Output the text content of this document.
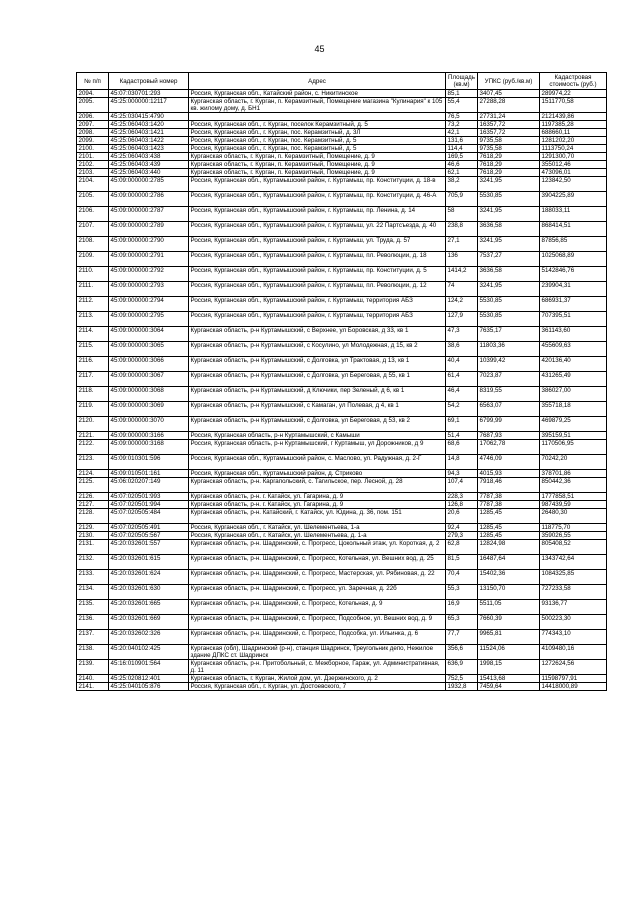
45
№ п/п	Кадастровый номер	Адрес	Площадь (кв.м)	УПКС (руб./кв.м)	Кадастровая стоимость (руб.)
2094.	45:07:030701:293	Россия, Курганская обл., Катайский район, с. Никитинское	85,1	3407,45	289974,22
2095.	45:25:000000:12117	Курганская область, г. Курган, п. Керамзитный, Помещение магазина "Кулинария" к 105 кв. жилому дому, д. БН1	55,4	27288,28	1511770,58
2096.	45:25:030415:4790		76,5	27731,24	2121439,86
2097.	45:25:060403:1420	Россия, Курганская обл., г. Курган, поселок Керамзитный, д. 5	73,2	16357,72	1197385,28
2098.	45:25:060403:1421	Россия, Курганская обл., г. Курган, пос. Керамзитный, д. 3Л	42,1	16357,72	688660,11
2099.	45:25:060403:1422	Россия, Курганская обл., г. Курган, пос. Керамзитный, д. 5	131,6	9735,58	1281202,20
2100.	45:25:060403:1423	Россия, Курганская обл., г. Курган, пос. Керамзитный, д. 5	114,4	9735,58	1113750,24
2101.	45:25:060403:438	Курганская область, г. Курган, п. Керамзитный, Помещение, д. 9	169,5	7618,29	1291300,70
2102.	45:25:060403:439	Курганская область, г. Курган, п. Керамзитный, Помещение, д. 9	46,6	7618,29	355012,46
2103.	45:25:060403:440	Курганская область, г. Курган, п. Керамзитный, Помещение, д. 9	62,1	7618,29	473096,01
2104.	45:09:000000:2785	Россия, Курганская обл., Куртамышский район, г. Куртамыш, пр. Конституции, д. 18-в	38,2	3241,95	123842,50
2105.	45:09:000000:2786	Россия, Курганская обл., Куртамышский район, г. Куртамыш, пр. Конституции, д. 46-А	705,9	5530,85	3904225,89
2106.	45:09:000000:2787	Россия, Курганская обл., Куртамышский район, г. Куртамыш, пр. Ленина, д. 14	58	3241,95	188033,11
2107.	45:09:000000:2789	Россия, Курганская обл., Куртамышский район, г. Куртамыш, ул. 22 Партсъезда, д. 40	238,8	3636,58	868414,51
2108.	45:09:000000:2790	Россия, Курганская обл., Куртамышский район, г. Куртамыш, ул. Труда, д. 57	27,1	3241,95	87856,85
2109.	45:09:000000:2791	Россия, Курганская обл., Куртамышский район, г. Куртамыш, пл. Революции, д. 18	136	7537,27	1025068,89
2110.	45:09:000000:2792	Россия, Курганская обл., Куртамышский район, г. Куртамыш, пр. Конституции, д. 5	1414,2	3636,58	5142846,76
2111.	45:09:000000:2793	Россия, Курганская обл., Куртамышский район, г. Куртамыш, пл. Революции, д. 12	74	3241,95	239904,31
2112.	45:09:000000:2794	Россия, Курганская обл., Куртамышский район, г. Куртамыш, территория АБЗ	124,2	5530,85	686931,37
2113.	45:09:000000:2795	Россия, Курганская обл., Куртамышский район, г. Куртамыш, территория АБЗ	127,9	5530,85	707395,51
2114.	45:09:000000:3064	Курганская область, р-н Куртамышский, с Верхнее, ул Боровская, д 33, кв 1	47,3	7635,17	361143,60
2115.	45:09:000000:3065	Курганская область, р-н Куртамышский, с Косулино, ул Молодежная, д 15, кв 2	38,6	11803,36	455609,63
2116.	45:09:000000:3066	Курганская область, р-н Куртамышский, с Долговка, ул Трактовая, д 13, кв 1	40,4	10399,42	420136,40
2117.	45:09:000000:3067	Курганская область, р-н Куртамышский, с Долговка, ул Береговая, д 55, кв 1	61,4	7023,87	431265,49
2118.	45:09:000000:3068	Курганская область, р-н Куртамышский, д Ключики, пер Зеленый, д 6, кв 1	46,4	8319,55	386027,00
2119.	45:09:000000:3069	Курганская область, р-н Куртамышский, с Камаган, ул Полевая, д 4, кв 1	54,2	6563,07	355718,18
2120.	45:09:000000:3070	Курганская область, р-н Куртамышский, с Долговка, ул Береговая, д 53, кв 2	69,1	6799,99	469879,25
2121.	45:09:000000:3166	Россия, Курганская область, р-н Куртамышский, с Камыши	51,4	7687,93	395159,51
2122.	45:09:000000:3168	Россия, Курганская область, р-н Куртамышский, г Куртамыш, ул Дорожников, д 9	68,6	17062,78	1170506,95
2123.	45:09:010301:596	Россия, Курганская обл., Куртамышский район, с. Маслово, ул. Радужная, д. 2-Г	14,8	4746,09	70242,20
2124.	45:09:010501:161	Россия, Курганская обл., Куртамышский район, д. Стриково	94,3	4015,93	378701,86
2125.	45:06:020207:149	Курганская область, р-н. Каргапольский, с. Тагильское, пер. Лесной, д. 28	107,4	7918,46	850442,36
2126.	45:07:020501:993	Курганская область, р-н. г. Катайск, ул. Гагарина, д. 9	228,3	7787,38	1777858,51
2127.	45:07:020501:994	Курганская область, р-н. г. Катайск, ул. Гагарина, д. 9	126,8	7787,38	987439,59
2128.	45:07:020505:484	Курганская область, р-н. Катайский, г. Катайск, ул. Юдина, д. 36, пом. 151	20,6	1285,45	26480,30
2129.	45:07:020505:491	Россия, Курганская обл., г. Катайск, ул. Шелементьева, 1-а	92,4	1285,45	118775,70
2130.	45:07:020505:567	Россия, Курганская обл., г. Катайск, ул. Шелементьева, д. 1-а	279,3	1285,45	359026,55
2131.	45:20:032601:557	Курганская область, р-н. Шадринский, с. Прогресс, Цокольный этаж, ул. Короткая, д. 2	62,8	12824,98	805408,52
2132.	45:20:032601:615	Курганская область, р-н. Шадринский, с. Прогресс, Котельная, ул. Вешних вод, д. 25	81,5	16487,64	1343742,64
2133.	45:20:032601:624	Курганская область, р-н. Шадринский, с. Прогресс, Мастерская, ул. Рябиновая, д. 22	70,4	15402,36	1084325,85
2134.	45:20:032601:630	Курганская область, р-н. Шадринский, с. Прогресс, ул. Заречная, д. 22б	55,3	13150,70	727233,58
2135.	45:20:032601:665	Курганская область, р-н. Шадринский, с. Прогресс, Котельная, д. 9	16,9	5511,05	93136,77
2136.	45:20:032601:669	Курганская область, р-н. Шадринский, с. Прогресс, Подсобное, ул. Вешних вод, д. 9	65,3	7660,39	500223,30
2137.	45:20:032602:326	Курганская область, р-н. Шадринский, с. Прогресс, Подсобка, ул. Ильинка, д. 6	77,7	9965,81	774343,10
2138.	45:20:040102:425	Курганская (обл), Шадринский (р-н), станция Шадринск, Треугольник депо, Нежилое здание ДПКС ст. Шадринск	356,6	11524,06	4109480,16
2139.	45:16:010901:564	Курганская область, р-н. Притобольный, с. Межборное, Гараж, ул. Административная, д. 11	636,9	1998,15	1272624,56
2140.	45:25:020812:401	Курганская область, г. Курган, Жилой дом, ул. Дзержинского, д. 2	752,5	15413,68	11598797,91
2141.	45:25:040105:876	Россия, Курганская обл., г. Курган, ул. Достоевского, 7	1932,8	7459,64	14418000,89
